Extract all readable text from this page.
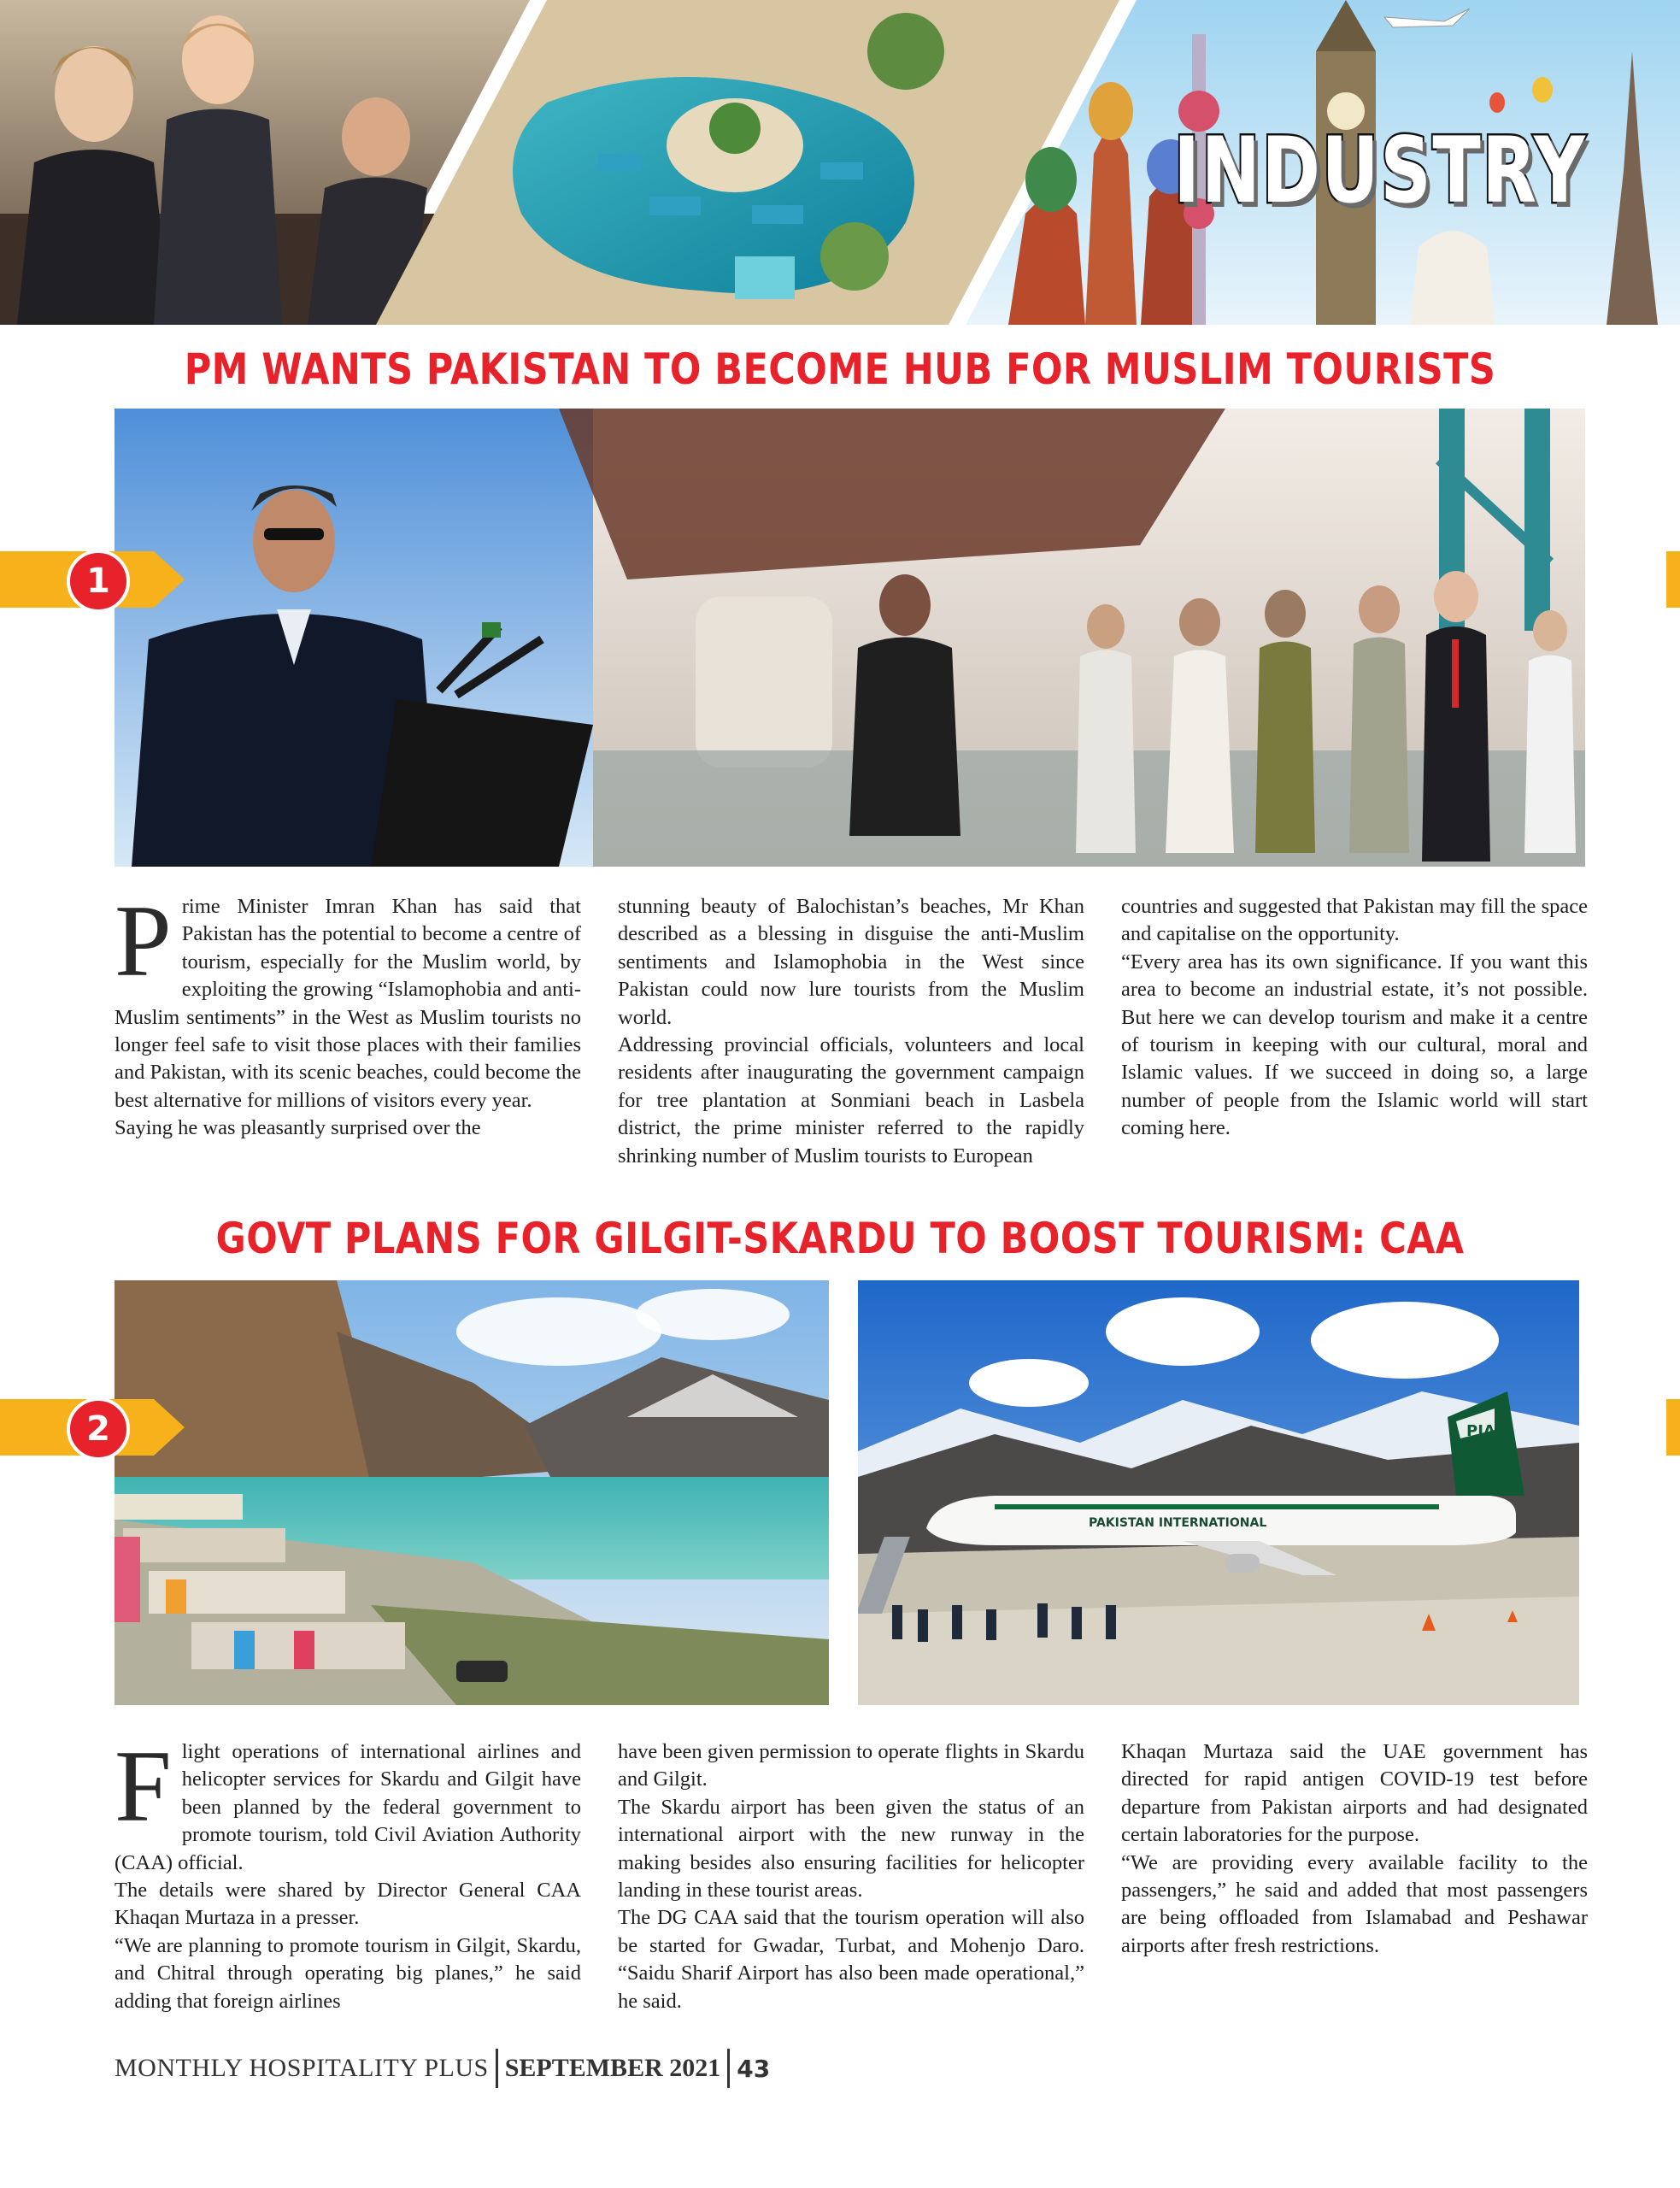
INDUSTRY
PM WANTS PAKISTAN TO BECOME HUB FOR MUSLIM TOURISTS
1

Prime Minister Imran Khan has said that Pakistan has the potential to become a centre of tourism, especially for the Muslim world, by exploiting the growing “Islamophobia and anti-Muslim sentiments” in the West as Muslim tourists no longer feel safe to visit those places with their families and Pakistan, with its scenic beaches, could become the best alternative for millions of visitors every year.

Saying he was pleasantly surprised over the

stunning beauty of Balochistan’s beaches, Mr Khan described as a blessing in disguise the anti-Muslim sentiments and Islamophobia in the West since Pakistan could now lure tourists from the Muslim world.

Addressing provincial officials, volunteers and local residents after inaugurating the government campaign for tree plantation at Sonmiani beach in Lasbela district, the prime minister referred to the rapidly shrinking number of Muslim tourists to European

countries and suggested that Pakistan may fill the space and capitalise on the opportunity.

“Every area has its own significance. If you want this area to become an industrial estate, it’s not possible. But here we can develop tourism and make it a centre of tourism in keeping with our cultural, moral and Islamic values. If we succeed in doing so, a large number of people from the Islamic world will start coming here.

GOVT PLANS FOR GILGIT-SKARDU TO BOOST TOURISM: CAA
PAKISTAN INTERNATIONAL
PIA
2

Flight operations of international airlines and helicopter services for Skardu and Gilgit have been planned by the federal government to promote tourism, told Civil Aviation Authority (CAA) official.

The details were shared by Director General CAA Khaqan Murtaza in a presser.

“We are planning to promote tourism in Gilgit, Skardu, and Chitral through operating big planes,” he said adding that foreign airlines

have been given permission to operate flights in Skardu and Gilgit.

The Skardu airport has been given the status of an international airport with the new runway in the making besides also ensuring facilities for helicopter landing in these tourist areas.

The DG CAA said that the tourism operation will also be started for Gwadar, Turbat, and Mohenjo Daro. “Saidu Sharif Airport has also been made operational,” he said.

Khaqan Murtaza said the UAE government has directed for rapid antigen COVID-19 test before departure from Pakistan airports and had designated certain laboratories for the purpose.

“We are providing every available facility to the passengers,” he said and added that most passengers are being offloaded from Islamabad and Peshawar airports after fresh restrictions.

MONTHLY HOSPITALITY PLUS SEPTEMBER 2021 43
